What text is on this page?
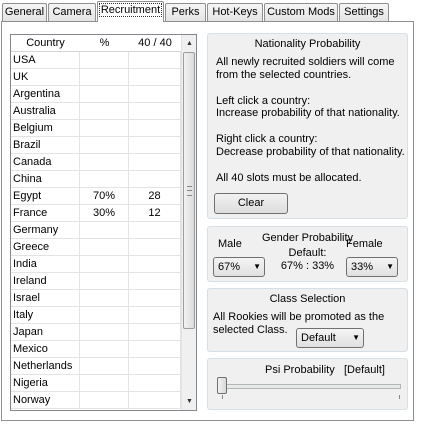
General Camera Recruitment	Perks	Hot-Keys Custom Mods Settings
Country	%	40 / 40
USA
UK
Argentina
Australia
Belgium
Brazil
Canada
China
Egypt	70%	28
France	30%	12
Germany
Greece
India
Ireland
Israel
Italy
Japan
Mexico
Netherlands
Nigeria
Norway
▲
▼
Nationality Probability
All newly recruited soldiers will come
from the selected countries.
Left click a country:
Increase probability of that nationality.
Right click a country:
Decrease probability of that nationality.
All 40 slots must be allocated.
Clear
Gender Probability
Default:
67% : 33%
Male	Female
67% ▼	33% ▼
Class Selection
All Rookies will be promoted as the
selected Class.
Default ▼
Psi Probability [Default]
